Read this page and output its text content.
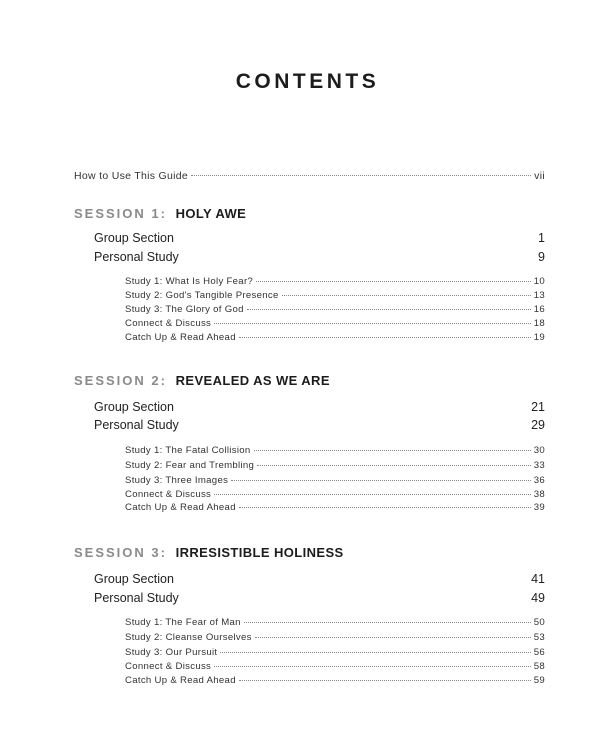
CONTENTS
How to Use This Guide	vii
SESSION 1: HOLY AWE
Group Section	1
Personal Study	9
Study 1: What Is Holy Fear?	10
Study 2: God's Tangible Presence	13
Study 3: The Glory of God	16
Connect & Discuss	18
Catch Up & Read Ahead	19
SESSION 2: REVEALED AS WE ARE
Group Section	21
Personal Study	29
Study 1: The Fatal Collision	30
Study 2: Fear and Trembling	33
Study 3: Three Images	36
Connect & Discuss	38
Catch Up & Read Ahead	39
SESSION 3: IRRESISTIBLE HOLINESS
Group Section	41
Personal Study	49
Study 1: The Fear of Man	50
Study 2: Cleanse Ourselves	53
Study 3: Our Pursuit	56
Connect & Discuss	58
Catch Up & Read Ahead	59
